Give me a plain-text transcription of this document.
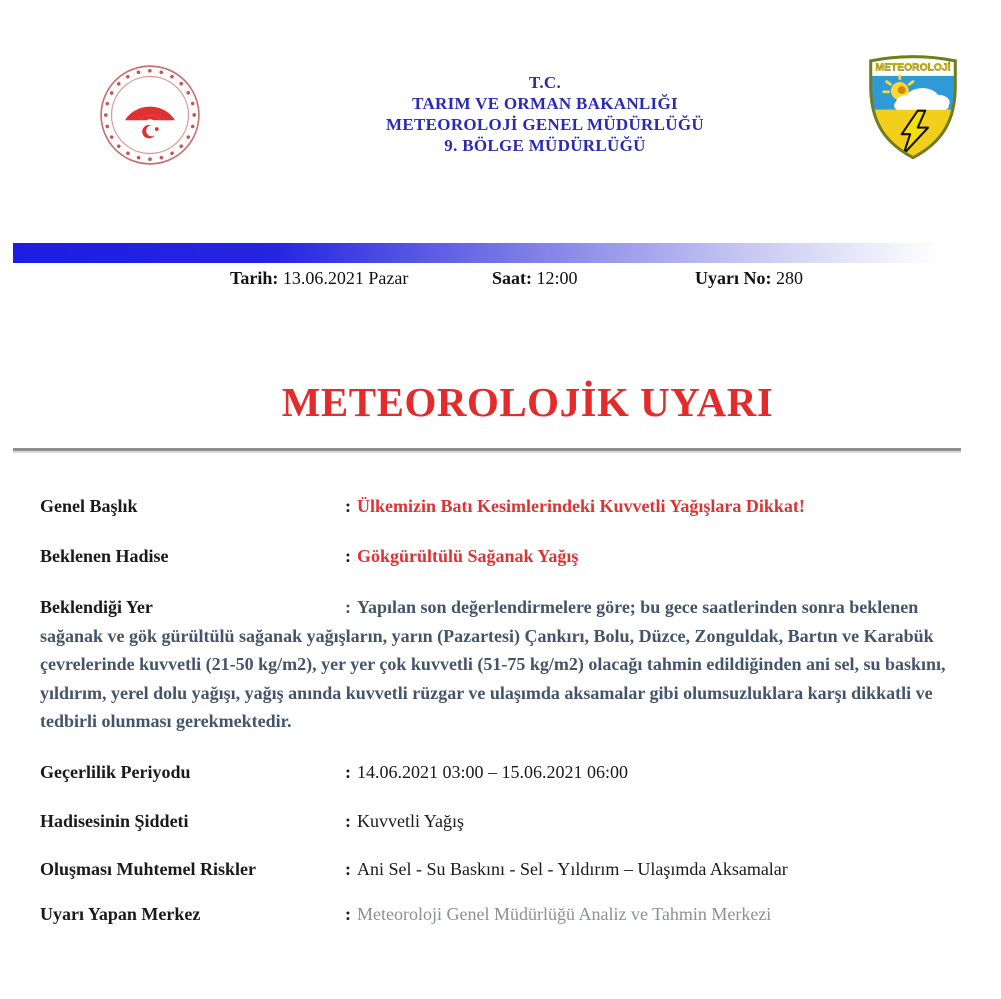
T.C.
TARIM VE ORMAN BAKANLIĞI
METEOROLOJİ GENEL MÜDÜRLÜĞÜ
9. BÖLGE MÜDÜRLÜĞÜ
METEOROLOJİ
Tarih: 13.06.2021 Pazar	Saat: 12:00	Uyarı No: 280
METEOROLOJİK UYARI
Genel Başlık	: Ülkemizin Batı Kesimlerindeki Kuvvetli Yağışlara Dikkat!
Beklenen Hadise	: Gökgürültülü Sağanak Yağış
Beklendiği Yer	: Yapılan son değerlendirmelere göre; bu gece saatlerinden sonra beklenen sağanak ve gök gürültülü sağanak yağışların, yarın (Pazartesi) Çankırı, Bolu, Düzce, Zonguldak, Bartın ve Karabük çevrelerinde kuvvetli (21-50 kg/m2), yer yer çok kuvvetli (51-75 kg/m2) olacağı tahmin edildiğinden ani sel, su baskını, yıldırım, yerel dolu yağışı, yağış anında kuvvetli rüzgar ve ulaşımda aksamalar gibi olumsuzluklara karşı dikkatli ve tedbirli olunması gerekmektedir.
Geçerlilik Periyodu	: 14.06.2021 03:00 – 15.06.2021 06:00
Hadisesinin Şiddeti	: Kuvvetli Yağış
Oluşması Muhtemel Riskler	: Ani Sel - Su Baskını - Sel - Yıldırım – Ulaşımda Aksamalar
Uyarı Yapan Merkez	: Meteoroloji Genel Müdürlüğü Analiz ve Tahmin Merkezi
